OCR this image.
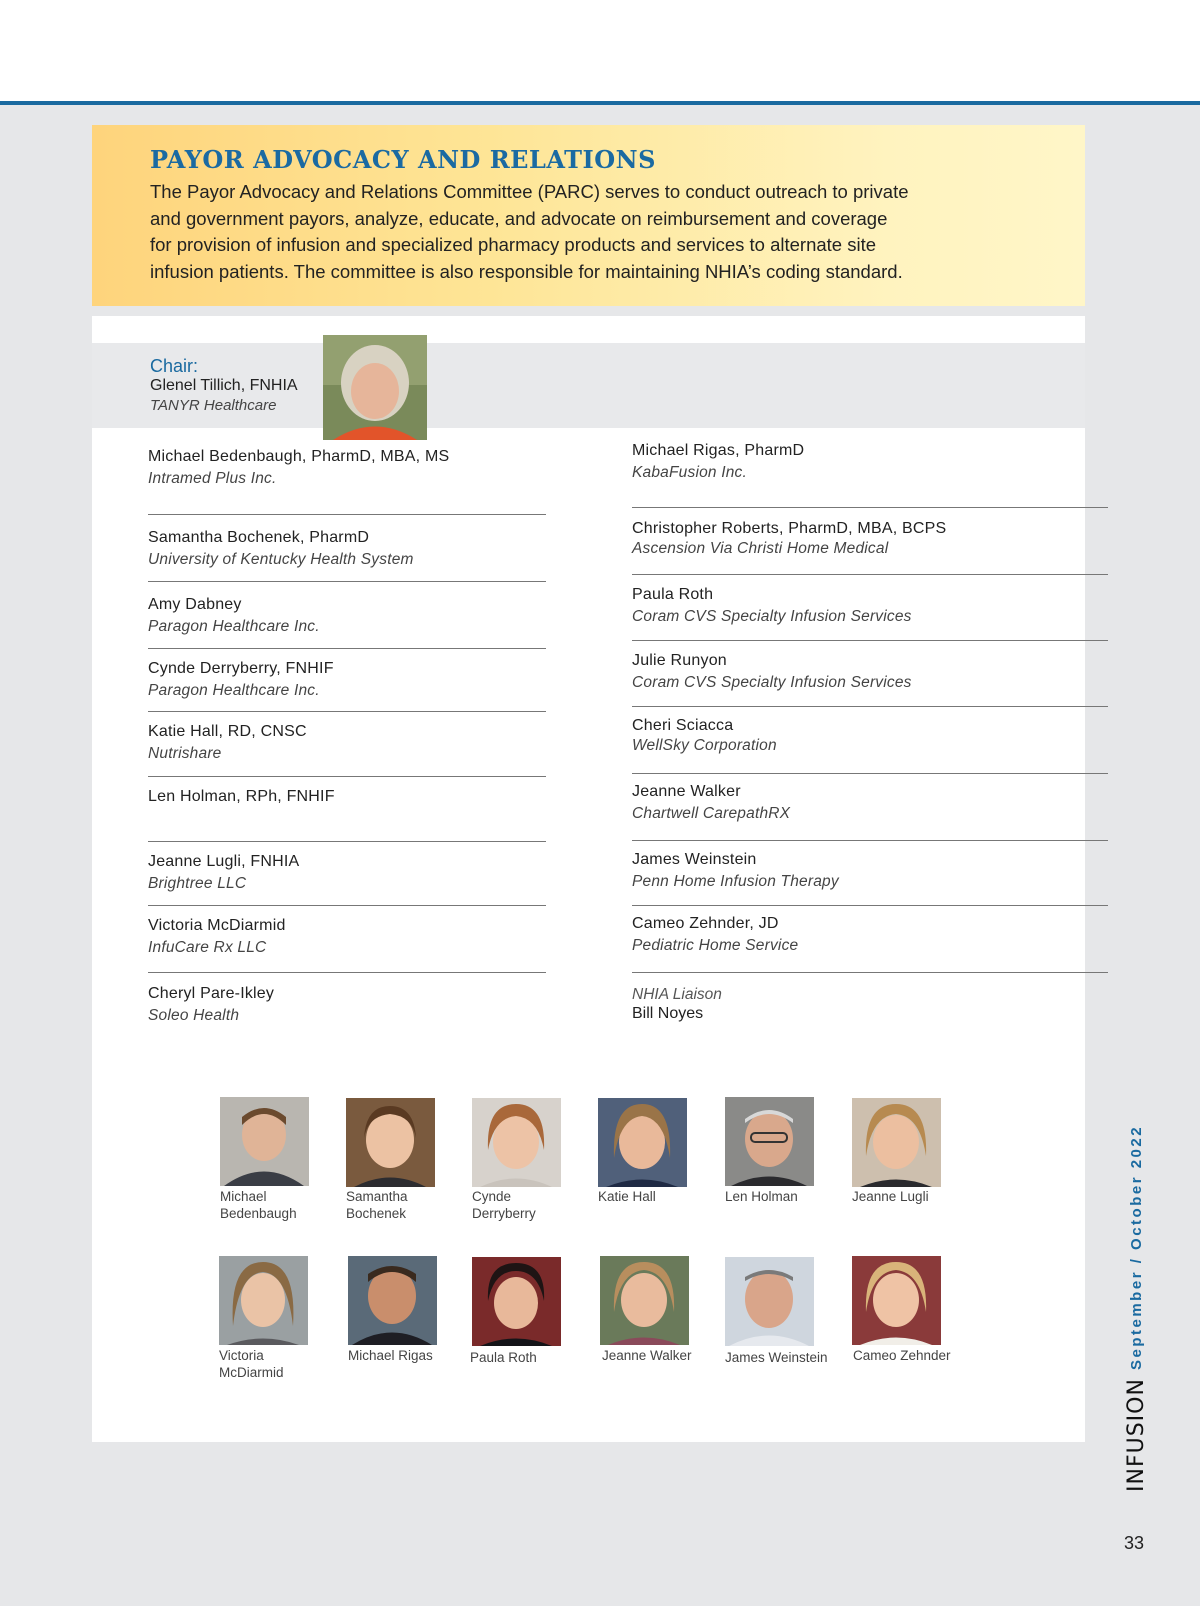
PAYOR ADVOCACY AND RELATIONS
The Payor Advocacy and Relations Committee (PARC) serves to conduct outreach to private
and government payors, analyze, educate, and advocate on reimbursement and coverage
for provision of infusion and specialized pharmacy products and services to alternate site
infusion patients. The committee is also responsible for maintaining NHIA’s coding standard.
Chair:
Glenel Tillich, FNHIA
TANYR Healthcare
Michael Bedenbaugh, PharmD, MBA, MS
Intramed Plus Inc.
Samantha Bochenek, PharmD
University of Kentucky Health System
Amy Dabney
Paragon Healthcare Inc.
Cynde Derryberry, FNHIF
Paragon Healthcare Inc.
Katie Hall, RD, CNSC
Nutrishare
Len Holman, RPh, FNHIF
Jeanne Lugli, FNHIA
Brightree LLC
Victoria McDiarmid
InfuCare Rx LLC
Cheryl Pare-Ikley
Soleo Health
Michael Rigas, PharmD
KabaFusion Inc.
Christopher Roberts, PharmD, MBA, BCPS
Ascension Via Christi Home Medical
Paula Roth
Coram CVS Specialty Infusion Services
Julie Runyon
Coram CVS Specialty Infusion Services
Cheri Sciacca
WellSky Corporation
Jeanne Walker
Chartwell CarepathRX
James Weinstein
Penn Home Infusion Therapy
Cameo Zehnder, JD
Pediatric Home Service
NHIA Liaison
Bill Noyes
Michael
Bedenbaugh
Samantha
Bochenek
Cynde
Derryberry
Katie Hall	Len Holman	Jeanne Lugli
Victoria
McDiarmid
Michael Rigas	Paula Roth	Jeanne Walker James Weinstein Cameo Zehnder	September / October 2022
INFUSION
33
